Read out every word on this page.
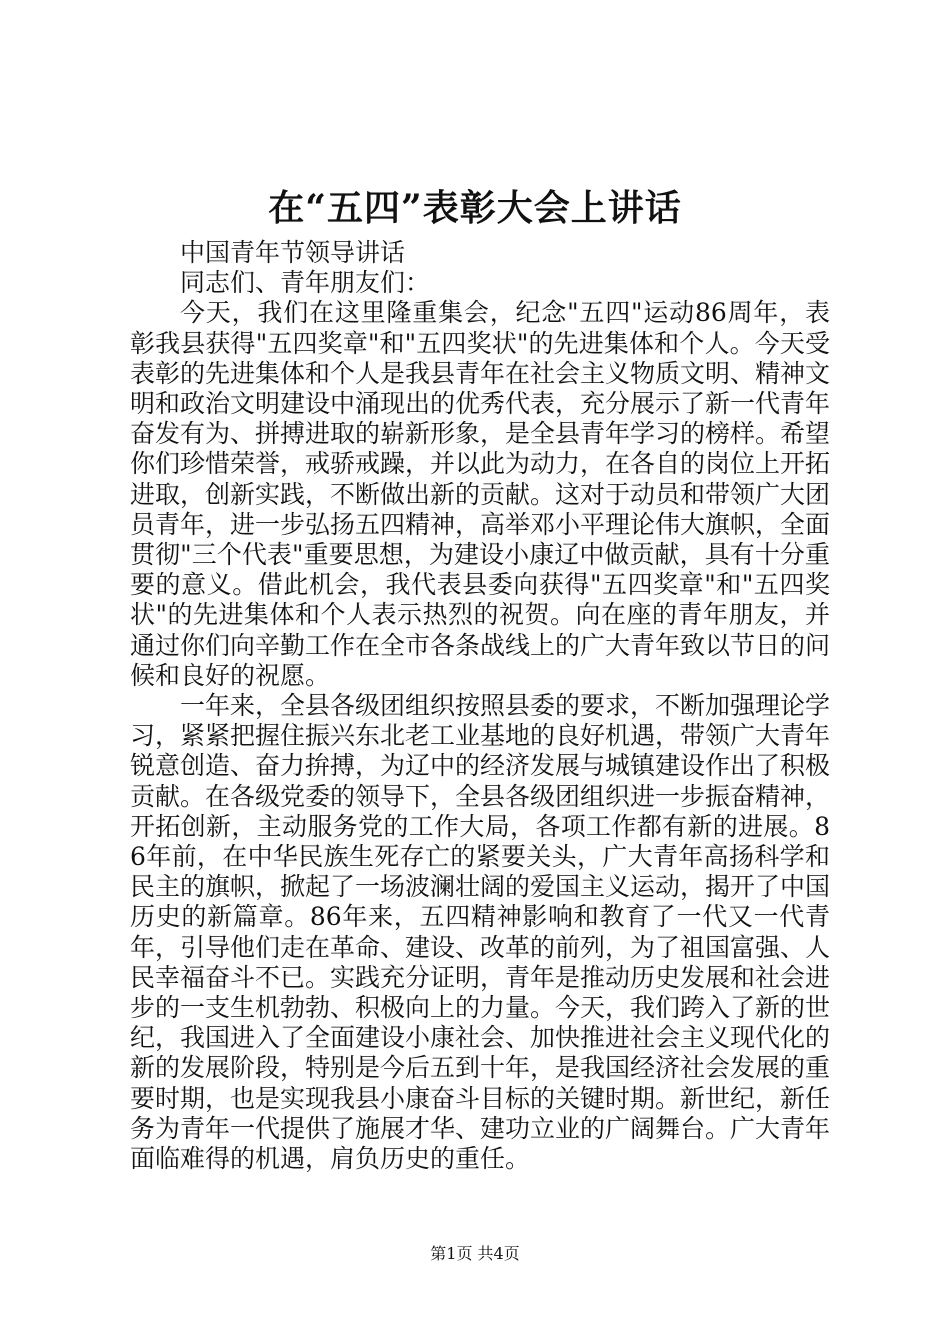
在“五四”表彰大会上讲话

中国青年节领导讲话

同志们、青年朋友们：

今天，我们在这里隆重集会，纪念"五四"运动86周年，表彰我县获得"五四奖章"和"五四奖状"的先进集体和个人。今天受表彰的先进集体和个人是我县青年在社会主义物质文明、精神文明和政治文明建设中涌现出的优秀代表，充分展示了新一代青年奋发有为、拼搏进取的崭新形象，是全县青年学习的榜样。希望你们珍惜荣誉，戒骄戒躁，并以此为动力，在各自的岗位上开拓进取，创新实践，不断做出新的贡献。这对于动员和带领广大团员青年，进一步弘扬五四精神，高举邓小平理论伟大旗帜，全面贯彻"三个代表"重要思想，为建设小康辽中做贡献，具有十分重要的意义。借此机会，我代表县委向获得"五四奖章"和"五四奖状"的先进集体和个人表示热烈的祝贺。向在座的青年朋友，并通过你们向辛勤工作在全市各条战线上的广大青年致以节日的问候和良好的祝愿。

一年来，全县各级团组织按照县委的要求，不断加强理论学习，紧紧把握住振兴东北老工业基地的良好机遇，带领广大青年锐意创造、奋力拚搏，为辽中的经济发展与城镇建设作出了积极贡献。在各级党委的领导下，全县各级团组织进一步振奋精神，开拓创新，主动服务党的工作大局，各项工作都有新的进展。86年前，在中华民族生死存亡的紧要关头，广大青年高扬科学和民主的旗帜，掀起了一场波澜壮阔的爱国主义运动，揭开了中国历史的新篇章。86年来，五四精神影响和教育了一代又一代青年，引导他们走在革命、建设、改革的前列，为了祖国富强、人民幸福奋斗不已。实践充分证明，青年是推动历史发展和社会进步的一支生机勃勃、积极向上的力量。今天，我们跨入了新的世纪，我国进入了全面建设小康社会、加快推进社会主义现代化的新的发展阶段，特别是今后五到十年，是我国经济社会发展的重要时期，也是实现我县小康奋斗目标的关键时期。新世纪，新任务为青年一代提供了施展才华、建功立业的广阔舞台。广大青年面临难得的机遇，肩负历史的重任。

第1页 共4页
